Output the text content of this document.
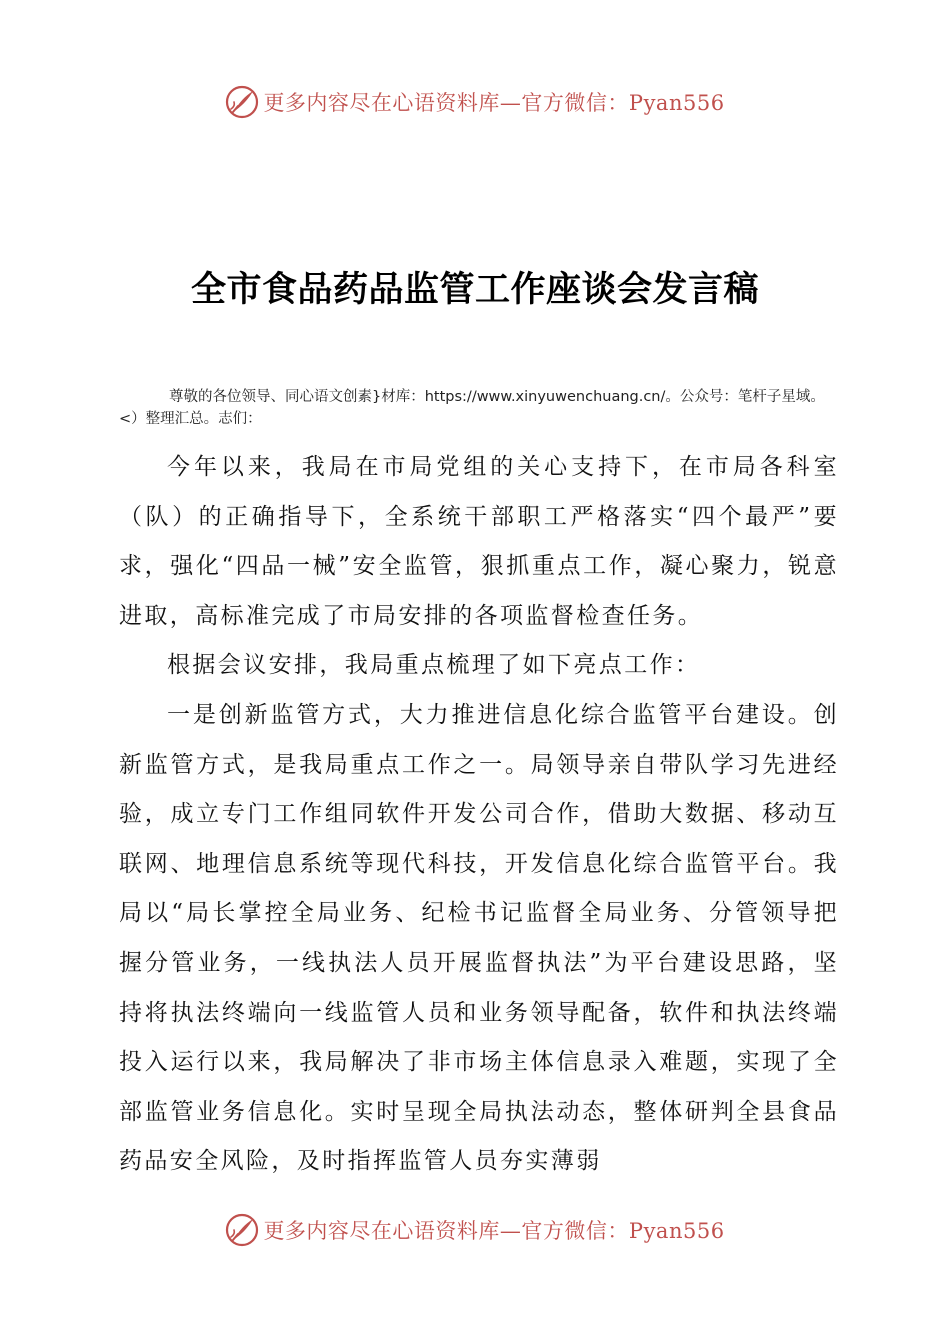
更多内容尽在心语资料库—官方微信：Pyan556
全市食品药品监管工作座谈会发言稿
尊敬的各位领导、同心语文创素}材库：https://www.xinyuwenchuang.cn/。公众号：笔杆子星域。<）整理汇总。志们：

今年以来，我局在市局党组的关心支持下，在市局各科室（队）的正确指导下，全系统干部职工严格落实“四个最严”要求，强化“四品一械”安全监管，狠抓重点工作，凝心聚力，锐意进取，高标准完成了市局安排的各项监督检查任务。

根据会议安排，我局重点梳理了如下亮点工作：

一是创新监管方式，大力推进信息化综合监管平台建设。创新监管方式，是我局重点工作之一。局领导亲自带队学习先进经验，成立专门工作组同软件开发公司合作，借助大数据、移动互联网、地理信息系统等现代科技，开发信息化综合监管平台。我局以“局长掌控全局业务、纪检书记监督全局业务、分管领导把握分管业务，一线执法人员开展监督执法”为平台建设思路，坚持将执法终端向一线监管人员和业务领导配备，软件和执法终端投入运行以来，我局解决了非市场主体信息录入难题，实现了全部监管业务信息化。实时呈现全局执法动态，整体研判全县食品药品安全风险，及时指挥监管人员夯实薄弱

更多内容尽在心语资料库—官方微信：Pyan556
